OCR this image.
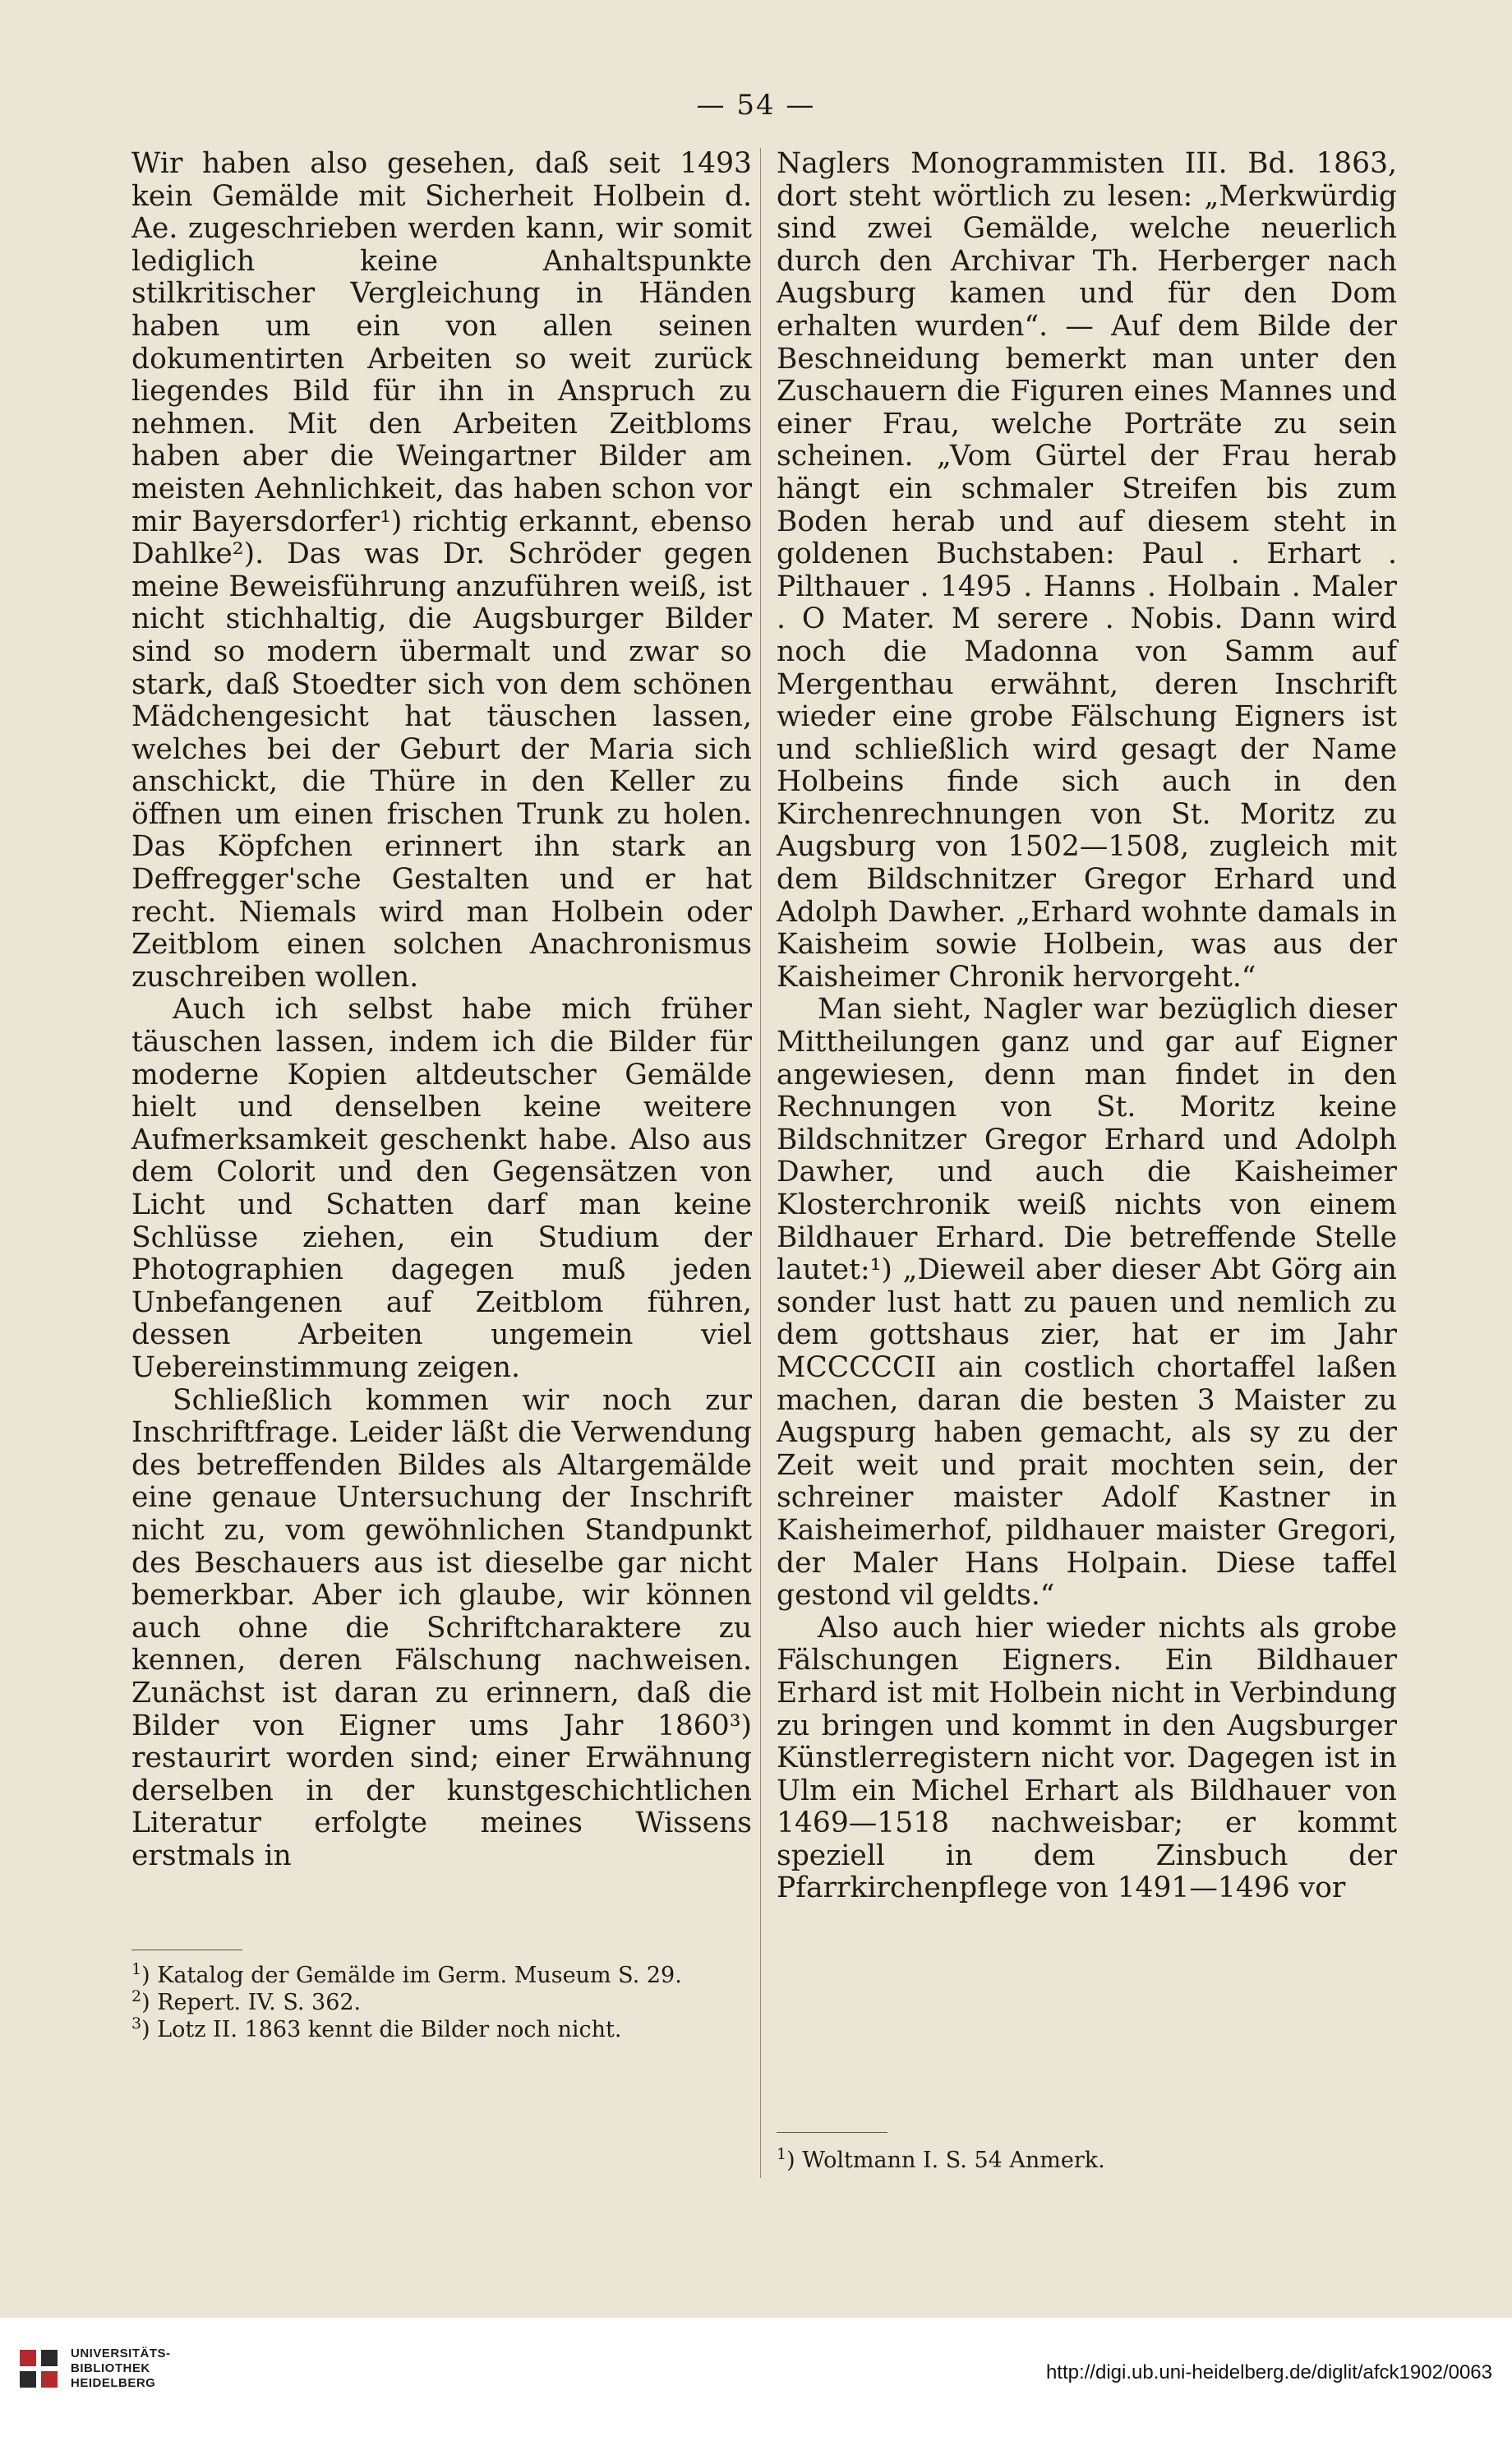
— 54 —

Wir haben also gesehen, daß seit 1493 kein Gemälde mit Sicherheit Holbein d. Ae. zugeschrieben werden kann, wir somit lediglich keine Anhaltspunkte stilkritischer Vergleichung in Händen haben um ein von allen seinen dokumentirten Arbeiten so weit zurück liegendes Bild für ihn in Anspruch zu nehmen. Mit den Arbeiten Zeitbloms haben aber die Weingartner Bilder am meisten Aehnlichkeit, das haben schon vor mir Bayersdorfer¹) richtig erkannt, ebenso Dahlke²). Das was Dr. Schröder gegen meine Beweisführung anzuführen weiß, ist nicht stichhaltig, die Augsburger Bilder sind so modern übermalt und zwar so stark, daß Stoedter sich von dem schönen Mädchengesicht hat täuschen lassen, welches bei der Geburt der Maria sich anschickt, die Thüre in den Keller zu öffnen um einen frischen Trunk zu holen. Das Köpfchen erinnert ihn stark an Deffregger'sche Gestalten und er hat recht. Niemals wird man Holbein oder Zeitblom einen solchen Anachronismus zuschreiben wollen.

Auch ich selbst habe mich früher täuschen lassen, indem ich die Bilder für moderne Kopien altdeutscher Gemälde hielt und denselben keine weitere Aufmerksamkeit geschenkt habe. Also aus dem Colorit und den Gegensätzen von Licht und Schatten darf man keine Schlüsse ziehen, ein Studium der Photographien dagegen muß jeden Unbefangenen auf Zeitblom führen, dessen Arbeiten ungemein viel Uebereinstimmung zeigen.

Schließlich kommen wir noch zur Inschriftfrage. Leider läßt die Verwendung des betreffenden Bildes als Altargemälde eine genaue Untersuchung der Inschrift nicht zu, vom gewöhnlichen Standpunkt des Beschauers aus ist dieselbe gar nicht bemerkbar. Aber ich glaube, wir können auch ohne die Schriftcharaktere zu kennen, deren Fälschung nachweisen. Zunächst ist daran zu erinnern, daß die Bilder von Eigner ums Jahr 1860³) restaurirt worden sind; einer Erwähnung derselben in der kunstgeschichtlichen Literatur erfolgte meines Wissens erstmals in

Naglers Monogrammisten III. Bd. 1863, dort steht wörtlich zu lesen: „Merkwürdig sind zwei Gemälde, welche neuerlich durch den Archivar Th. Herberger nach Augsburg kamen und für den Dom erhalten wurden“. — Auf dem Bilde der Beschneidung bemerkt man unter den Zuschauern die Figuren eines Mannes und einer Frau, welche Porträte zu sein scheinen. „Vom Gürtel der Frau herab hängt ein schmaler Streifen bis zum Boden herab und auf diesem steht in goldenen Buchstaben: Paul . Erhart . Pilthauer . 1495 . Hanns . Holbain . Maler . O Mater. M serere . Nobis. Dann wird noch die Madonna von Samm auf Mergenthau erwähnt, deren Inschrift wieder eine grobe Fälschung Eigners ist und schließlich wird gesagt der Name Holbeins finde sich auch in den Kirchenrechnungen von St. Moritz zu Augsburg von 1502—1508, zugleich mit dem Bildschnitzer Gregor Erhard und Adolph Dawher. „Erhard wohnte damals in Kaisheim sowie Holbein, was aus der Kaisheimer Chronik hervorgeht.“

Man sieht, Nagler war bezüglich dieser Mittheilungen ganz und gar auf Eigner angewiesen, denn man findet in den Rechnungen von St. Moritz keine Bildschnitzer Gregor Erhard und Adolph Dawher, und auch die Kaisheimer Klosterchronik weiß nichts von einem Bildhauer Erhard. Die betreffende Stelle lautet:¹) „Dieweil aber dieser Abt Görg ain sonder lust hatt zu pauen und nemlich zu dem gottshaus zier, hat er im Jahr MCCCCCII ain costlich chortaffel laßen machen, daran die besten 3 Maister zu Augspurg haben gemacht, als sy zu der Zeit weit und prait mochten sein, der schreiner maister Adolf Kastner in Kaisheimerhof, pildhauer maister Gregori, der Maler Hans Holpain. Diese taffel gestond vil geldts.“

Also auch hier wieder nichts als grobe Fälschungen Eigners. Ein Bildhauer Erhard ist mit Holbein nicht in Verbindung zu bringen und kommt in den Augsburger Künstlerregistern nicht vor. Dagegen ist in Ulm ein Michel Erhart als Bildhauer von 1469—1518 nachweisbar; er kommt speziell in dem Zinsbuch der Pfarrkirchenpflege von 1491—1496 vor

$^1$) Katalog der Gemälde im Germ. Museum S. 29.

$^2$) Repert. IV. S. 362.

$^3$) Lotz II. 1863 kennt die Bilder noch nicht.

$^1$) Woltmann I. S. 54 Anmerk.

UNIVERSITÄTS-
BIBLIOTHEK
HEIDELBERG	http://digi.ub.uni-heidelberg.de/diglit/afck1902/0063
